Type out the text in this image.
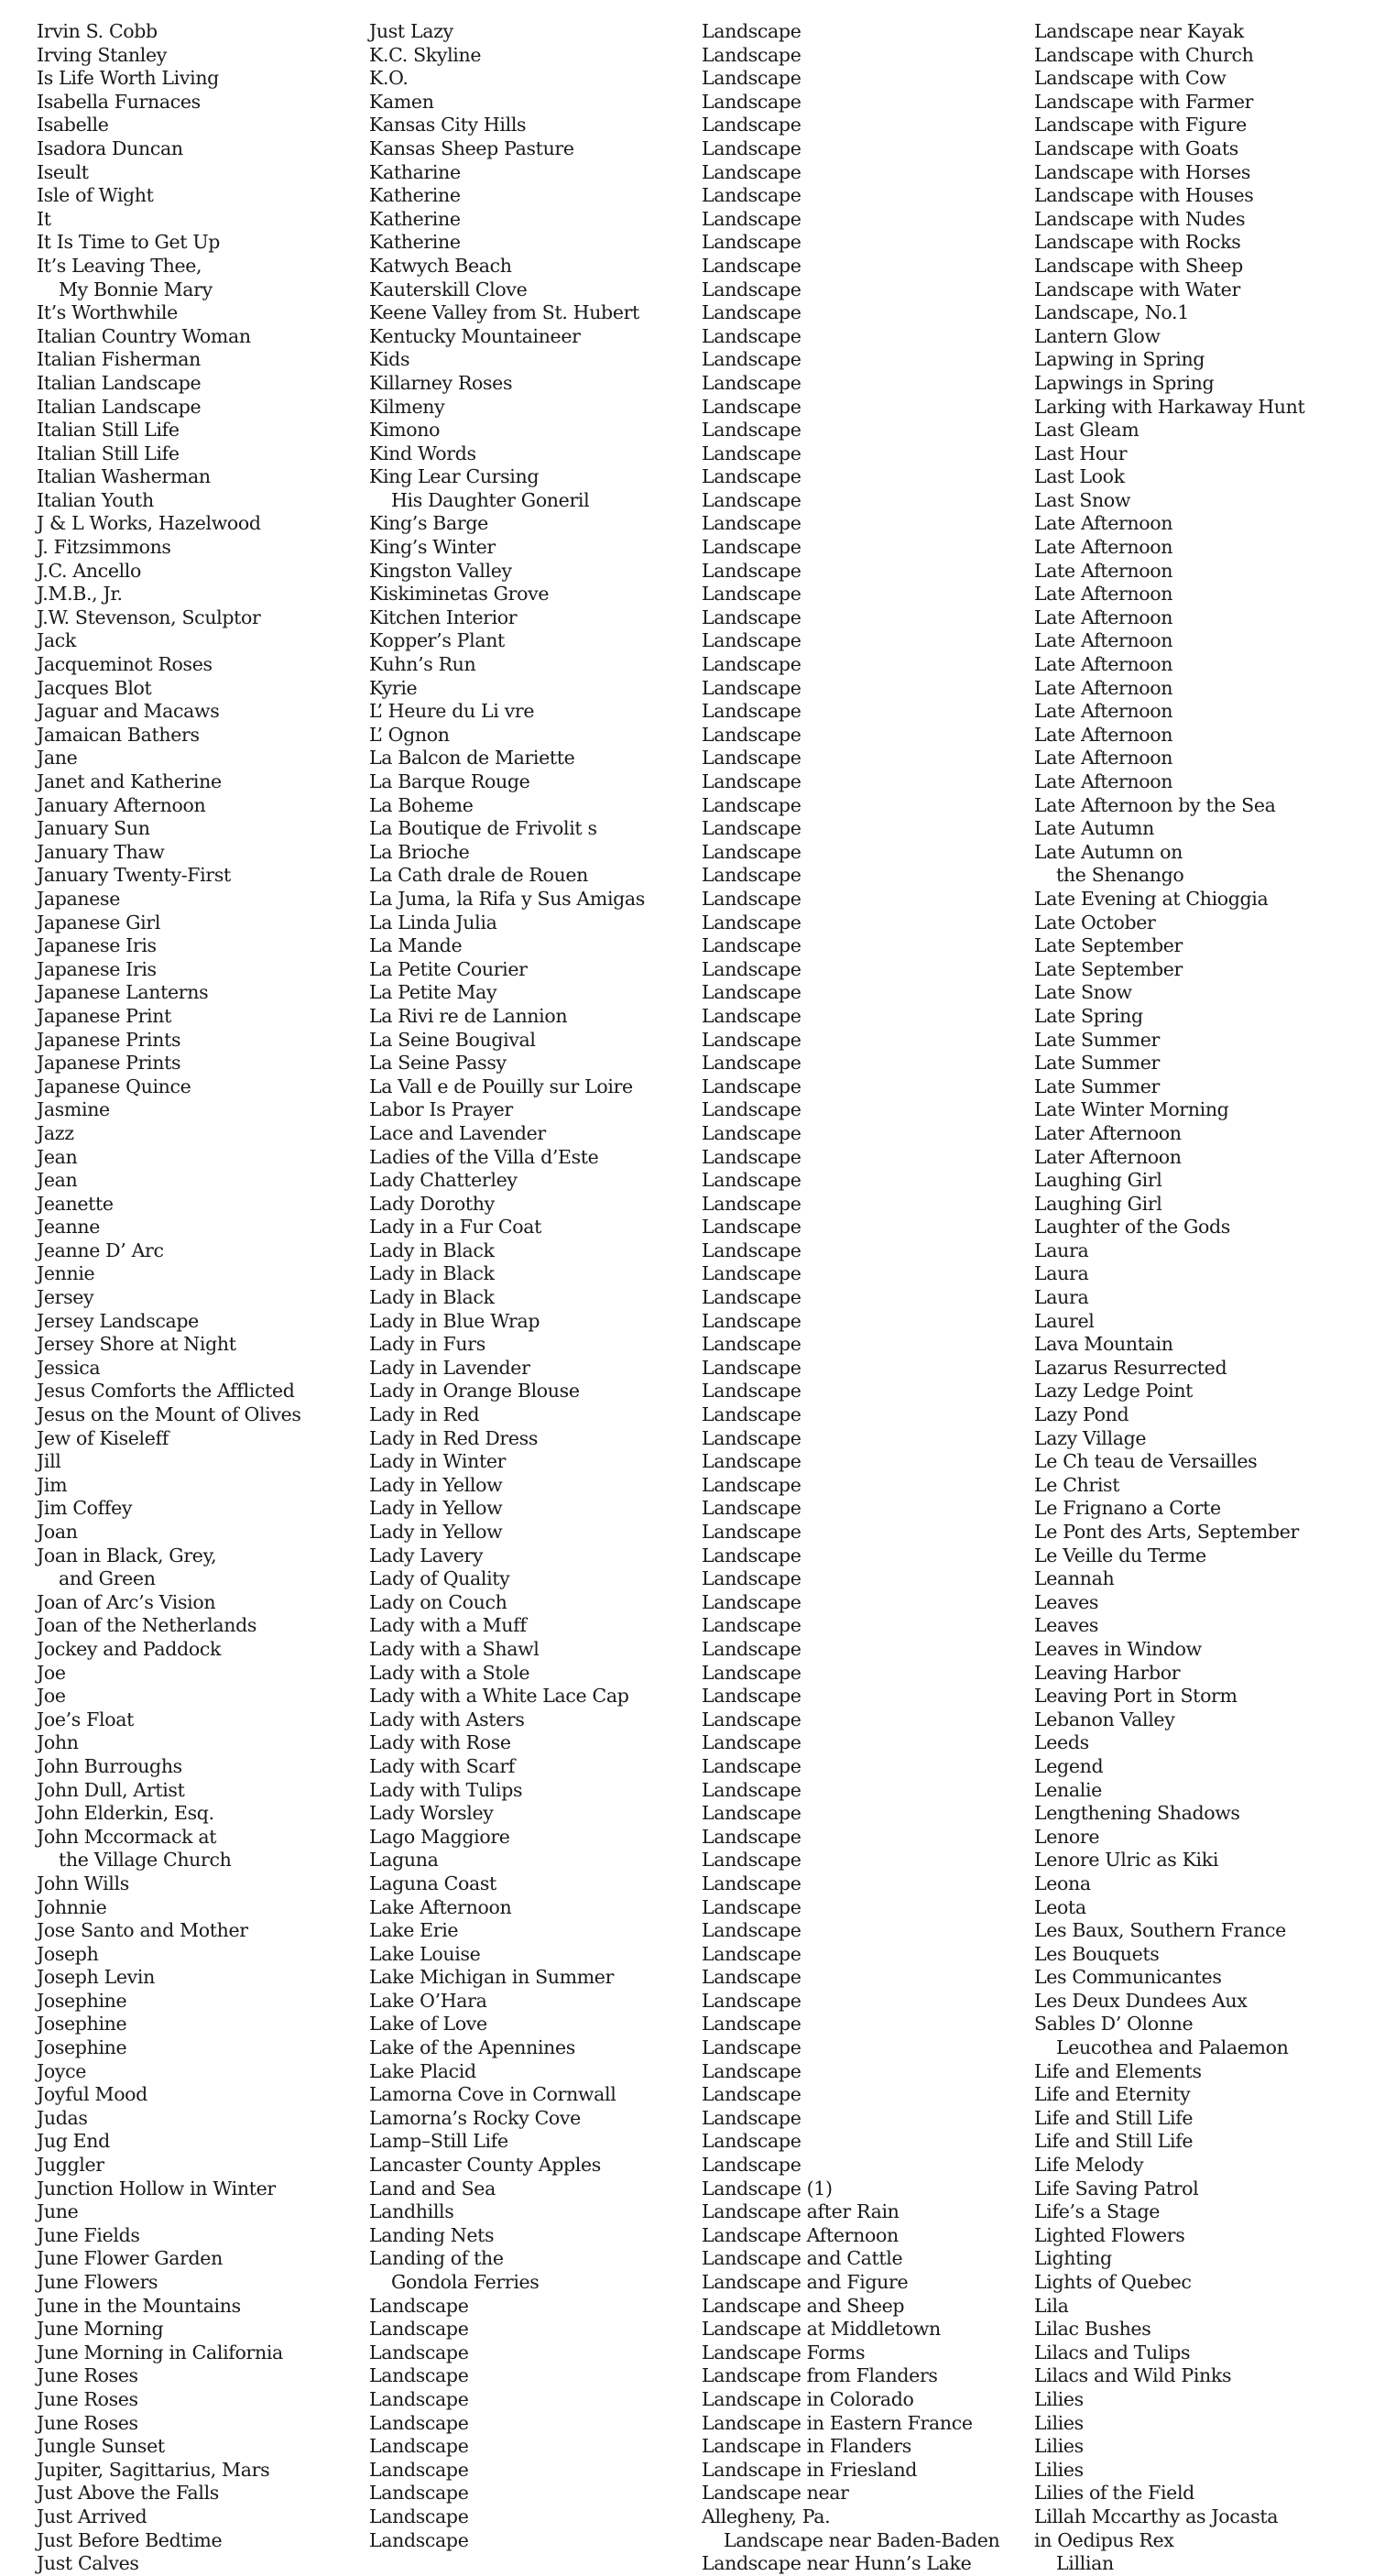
Irvin S. Cobb
Irving Stanley
Is Life Worth Living
Isabella Furnaces
Isabelle
Isadora Duncan
Iseult
Isle of Wight
It
It Is Time to Get Up
It’s Leaving Thee,
My Bonnie Mary
It’s Worthwhile
Italian Country Woman
Italian Fisherman
Italian Landscape
Italian Landscape
Italian Still Life
Italian Still Life
Italian Washerman
Italian Youth
J & L Works, Hazelwood
J. Fitzsimmons
J.C. Ancello
J.M.B., Jr.
J.W. Stevenson, Sculptor
Jack
Jacqueminot Roses
Jacques Blot
Jaguar and Macaws
Jamaican Bathers
Jane
Janet and Katherine
January Afternoon
January Sun
January Thaw
January Twenty-First
Japanese
Japanese Girl
Japanese Iris
Japanese Iris
Japanese Lanterns
Japanese Print
Japanese Prints
Japanese Prints
Japanese Quince
Jasmine
Jazz
Jean
Jean
Jeanette
Jeanne
Jeanne D’ Arc
Jennie
Jersey
Jersey Landscape
Jersey Shore at Night
Jessica
Jesus Comforts the Afflicted
Jesus on the Mount of Olives
Jew of Kiseleff
Jill
Jim
Jim Coffey
Joan
Joan in Black, Grey,
and Green
Joan of Arc’s Vision
Joan of the Netherlands
Jockey and Paddock
Joe
Joe
Joe’s Float
John
John Burroughs
John Dull, Artist
John Elderkin, Esq.
John Mccormack at
the Village Church
John Wills
Johnnie
Jose Santo and Mother
Joseph
Joseph Levin
Josephine
Josephine
Josephine
Joyce
Joyful Mood
Judas
Jug End
Juggler
Junction Hollow in Winter
June
June Fields
June Flower Garden
June Flowers
June in the Mountains
June Morning
June Morning in California
June Roses
June Roses
June Roses
Jungle Sunset
Jupiter, Sagittarius, Mars
Just Above the Falls
Just Arrived
Just Before Bedtime
Just Calves
Just Lazy
K.C. Skyline
K.O.
Kamen
Kansas City Hills
Kansas Sheep Pasture
Katharine
Katherine
Katherine
Katherine
Katwych Beach
Kauterskill Clove
Keene Valley from St. Hubert
Kentucky Mountaineer
Kids
Killarney Roses
Kilmeny
Kimono
Kind Words
King Lear Cursing
His Daughter Goneril
King’s Barge
King’s Winter
Kingston Valley
Kiskiminetas Grove
Kitchen Interior
Kopper’s Plant
Kuhn’s Run
Kyrie
L’ Heure du Li vre
L’ Ognon
La Balcon de Mariette
La Barque Rouge
La Boheme
La Boutique de Frivolit s
La Brioche
La Cath drale de Rouen
La Juma, la Rifa y Sus Amigas
La Linda Julia
La Mande
La Petite Courier
La Petite May
La Rivi re de Lannion
La Seine Bougival
La Seine Passy
La Vall e de Pouilly sur Loire
Labor Is Prayer
Lace and Lavender
Ladies of the Villa d’Este
Lady Chatterley
Lady Dorothy
Lady in a Fur Coat
Lady in Black
Lady in Black
Lady in Black
Lady in Blue Wrap
Lady in Furs
Lady in Lavender
Lady in Orange Blouse
Lady in Red
Lady in Red Dress
Lady in Winter
Lady in Yellow
Lady in Yellow
Lady in Yellow
Lady Lavery
Lady of Quality
Lady on Couch
Lady with a Muff
Lady with a Shawl
Lady with a Stole
Lady with a White Lace Cap
Lady with Asters
Lady with Rose
Lady with Scarf
Lady with Tulips
Lady Worsley
Lago Maggiore
Laguna
Laguna Coast
Lake Afternoon
Lake Erie
Lake Louise
Lake Michigan in Summer
Lake O’Hara
Lake of Love
Lake of the Apennines
Lake Placid
Lamorna Cove in Cornwall
Lamorna’s Rocky Cove
Lamp–Still Life
Lancaster County Apples
Land and Sea
Landhills
Landing Nets
Landing of the
Gondola Ferries
Landscape
Landscape
Landscape
Landscape
Landscape
Landscape
Landscape
Landscape
Landscape
Landscape
Landscape
Landscape
Landscape
Landscape
Landscape
Landscape
Landscape
Landscape
Landscape
Landscape
Landscape
Landscape
Landscape
Landscape
Landscape
Landscape
Landscape
Landscape
Landscape
Landscape
Landscape
Landscape
Landscape
Landscape
Landscape
Landscape
Landscape
Landscape
Landscape
Landscape
Landscape
Landscape
Landscape
Landscape
Landscape
Landscape
Landscape
Landscape
Landscape
Landscape
Landscape
Landscape
Landscape
Landscape
Landscape
Landscape
Landscape
Landscape
Landscape
Landscape
Landscape
Landscape
Landscape
Landscape
Landscape
Landscape
Landscape
Landscape
Landscape
Landscape
Landscape
Landscape
Landscape
Landscape
Landscape
Landscape
Landscape
Landscape
Landscape
Landscape
Landscape
Landscape
Landscape
Landscape
Landscape
Landscape
Landscape
Landscape
Landscape
Landscape
Landscape
Landscape
Landscape
Landscape
Landscape
Landscape
Landscape
Landscape
Landscape
Landscape
Landscape
Landscape
Landscape
Landscape (1)
Landscape after Rain
Landscape Afternoon
Landscape and Cattle
Landscape and Figure
Landscape and Sheep
Landscape at Middletown
Landscape Forms
Landscape from Flanders
Landscape in Colorado
Landscape in Eastern France
Landscape in Flanders
Landscape in Friesland
Landscape near
Allegheny, Pa.
Landscape near Baden-Baden
Landscape near Hunn’s Lake
Landscape near Kayak
Landscape with Church
Landscape with Cow
Landscape with Farmer
Landscape with Figure
Landscape with Goats
Landscape with Horses
Landscape with Houses
Landscape with Nudes
Landscape with Rocks
Landscape with Sheep
Landscape with Water
Landscape, No.1
Lantern Glow
Lapwing in Spring
Lapwings in Spring
Larking with Harkaway Hunt
Last Gleam
Last Hour
Last Look
Last Snow
Late Afternoon
Late Afternoon
Late Afternoon
Late Afternoon
Late Afternoon
Late Afternoon
Late Afternoon
Late Afternoon
Late Afternoon
Late Afternoon
Late Afternoon
Late Afternoon
Late Afternoon by the Sea
Late Autumn
Late Autumn on
the Shenango
Late Evening at Chioggia
Late October
Late September
Late September
Late Snow
Late Spring
Late Summer
Late Summer
Late Summer
Late Winter Morning
Later Afternoon
Later Afternoon
Laughing Girl
Laughing Girl
Laughter of the Gods
Laura
Laura
Laura
Laurel
Lava Mountain
Lazarus Resurrected
Lazy Ledge Point
Lazy Pond
Lazy Village
Le Ch teau de Versailles
Le Christ
Le Frignano a Corte
Le Pont des Arts, September
Le Veille du Terme
Leannah
Leaves
Leaves
Leaves in Window
Leaving Harbor
Leaving Port in Storm
Lebanon Valley
Leeds
Legend
Lenalie
Lengthening Shadows
Lenore
Lenore Ulric as Kiki
Leona
Leota
Les Baux, Southern France
Les Bouquets
Les Communicantes
Les Deux Dundees Aux
Sables D’ Olonne
Leucothea and Palaemon
Life and Elements
Life and Eternity
Life and Still Life
Life and Still Life
Life Melody
Life Saving Patrol
Life’s a Stage
Lighted Flowers
Lighting
Lights of Quebec
Lila
Lilac Bushes
Lilacs and Tulips
Lilacs and Wild Pinks
Lilies
Lilies
Lilies
Lilies
Lilies of the Field
Lillah Mccarthy as Jocasta
in Oedipus Rex
Lillian
